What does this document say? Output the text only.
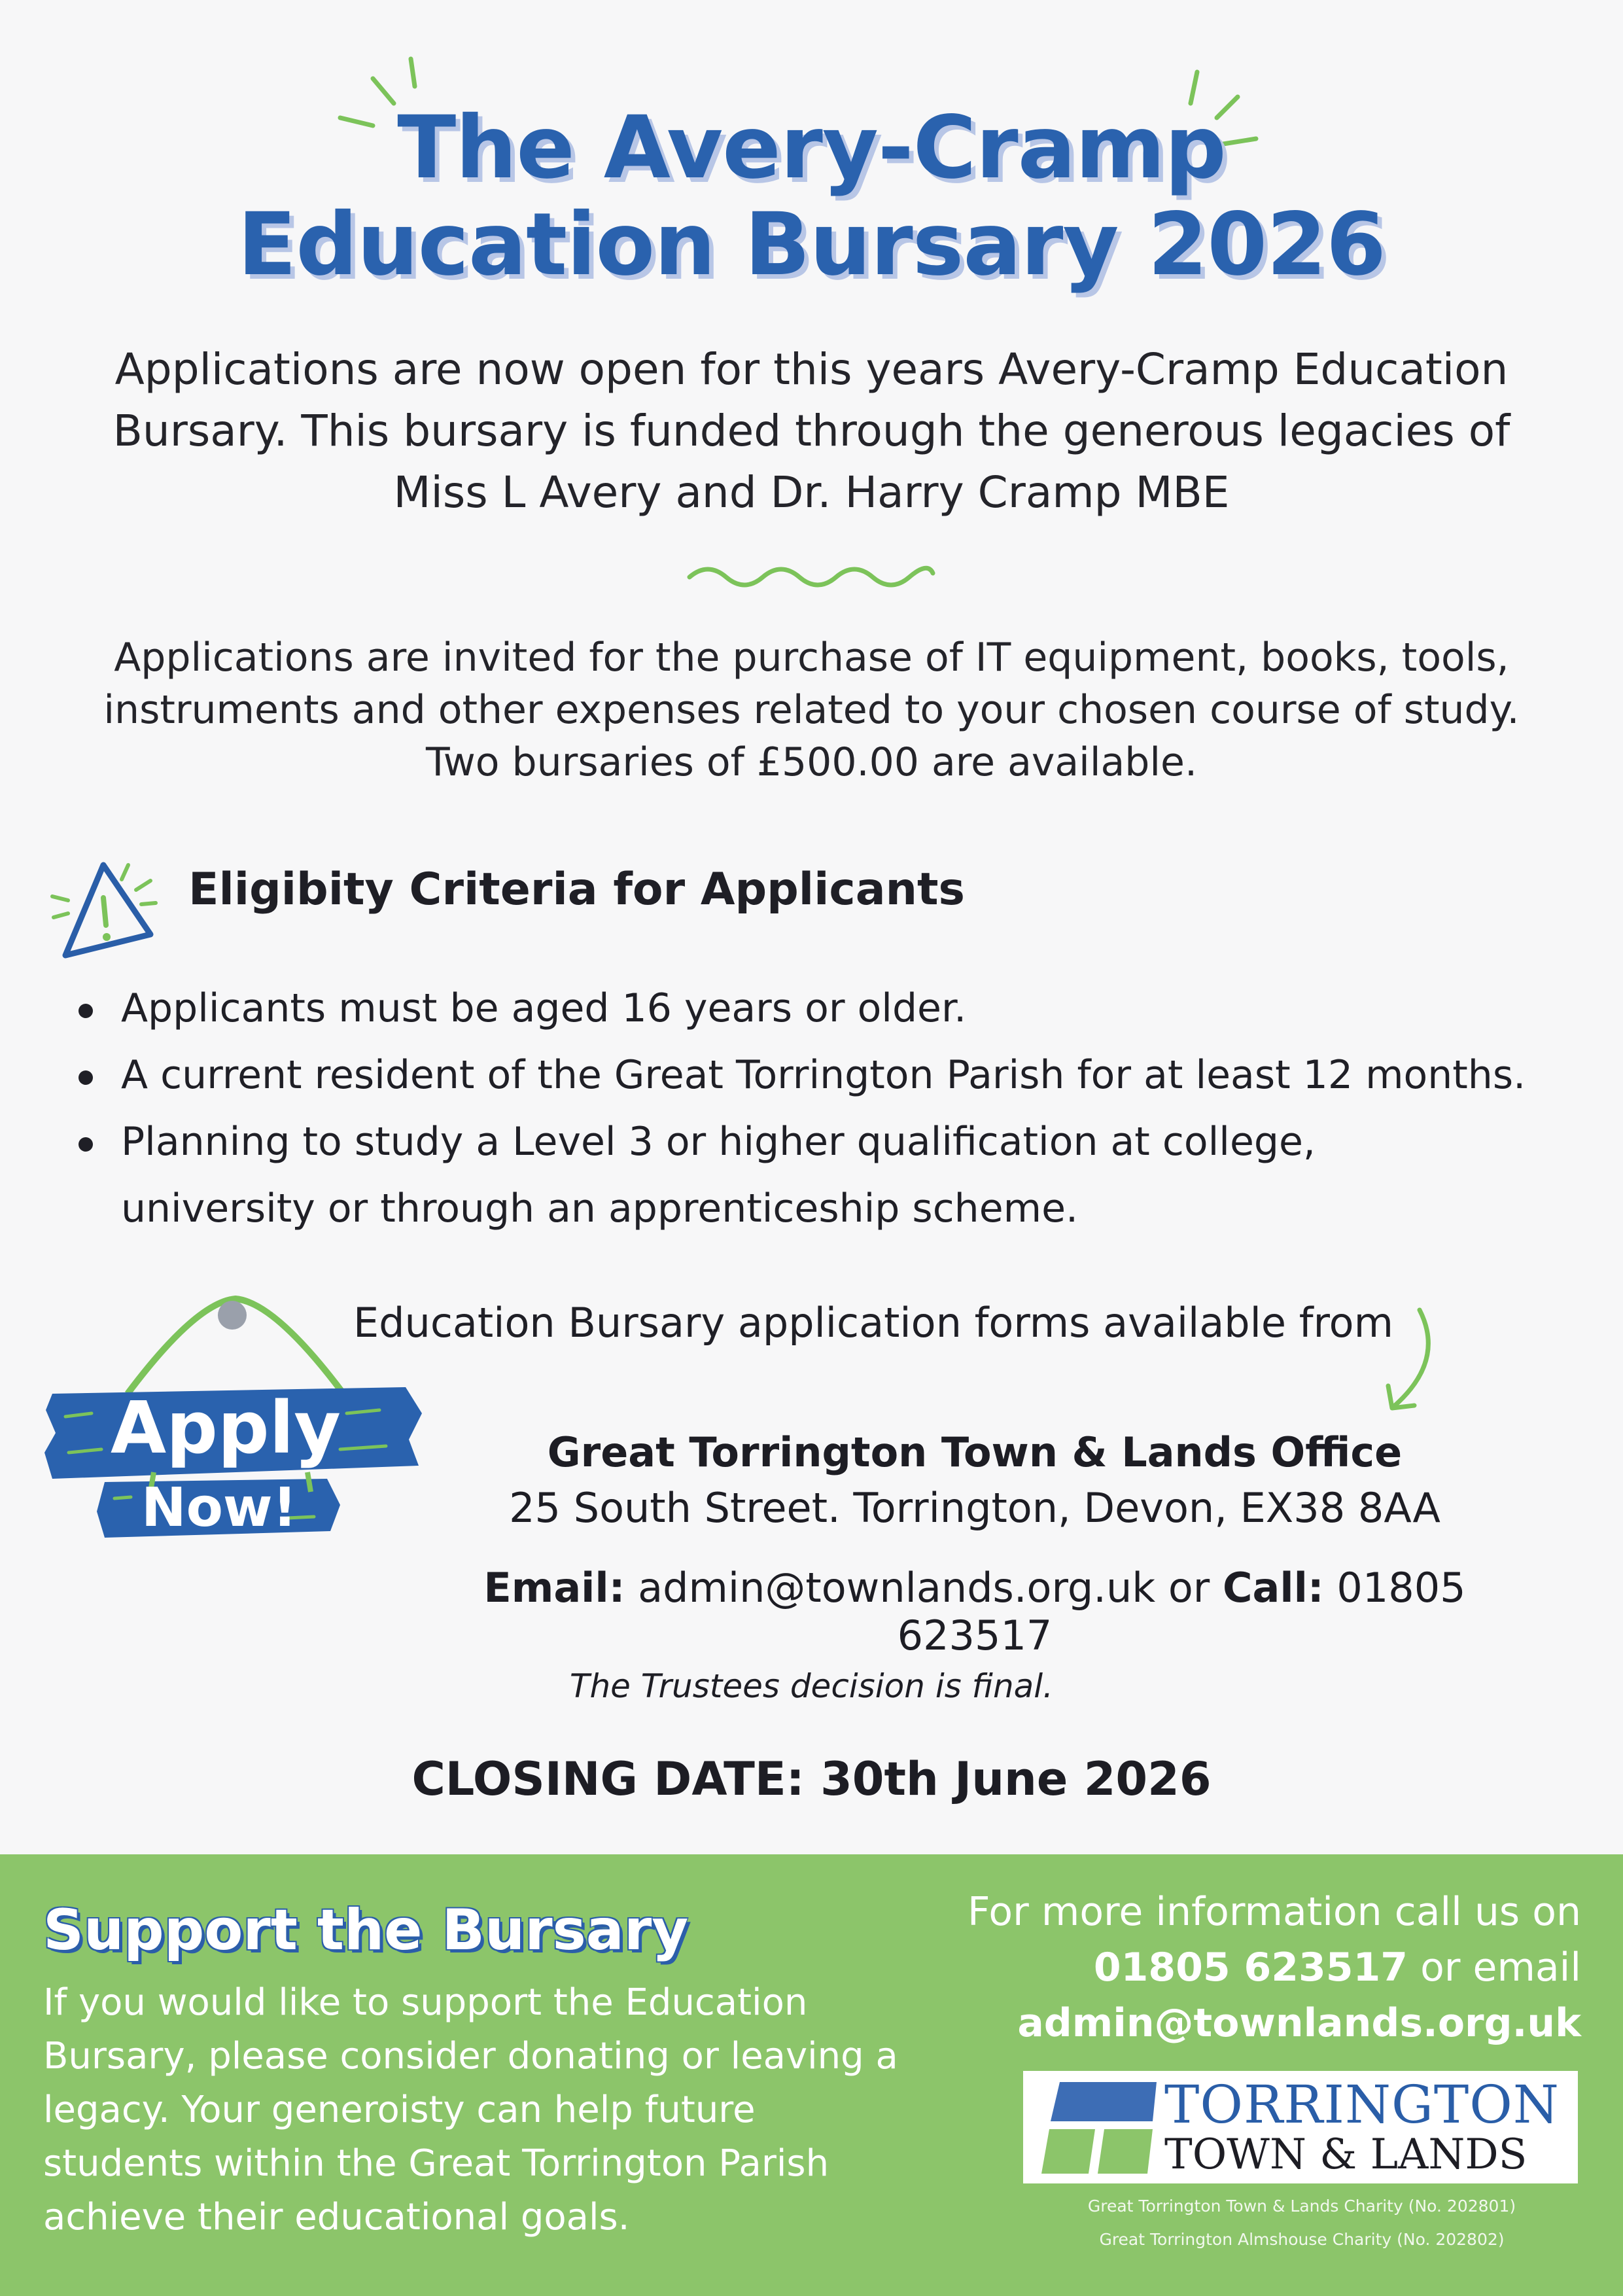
The Avery-Cramp
Education Bursary 2026
Applications are now open for this years Avery-Cramp Education
Bursary. This bursary is funded through the generous legacies of
Miss L Avery and Dr. Harry Cramp MBE
Applications are invited for the purchase of IT equipment, books, tools,
instruments and other expenses related to your chosen course of study.
Two bursaries of £500.00 are available.
Eligibity Criteria for Applicants
Applicants must be aged 16 years or older.
A current resident of the Great Torrington Parish for at least 12 months.
Planning to study a Level 3 or higher qualification at college,
university or through an apprenticeship scheme.
Apply
Now!
Education Bursary application forms available from
Great Torrington Town & Lands Office
25 South Street. Torrington, Devon, EX38 8AA
Email: admin@townlands.org.uk or Call: 01805 623517
The Trustees decision is final.
CLOSING DATE: 30th June 2026
Support the Bursary
If you would like to support the Education
Bursary, please consider donating or leaving a
legacy. Your generoisty can help future
students within the Great Torrington Parish
achieve their educational goals.
For more information call us on
01805 623517 or email
admin@townlands.org.uk
TORRINGTON
TOWN & LANDS
Great Torrington Town & Lands Charity (No. 202801)
Great Torrington Almshouse Charity (No. 202802)
